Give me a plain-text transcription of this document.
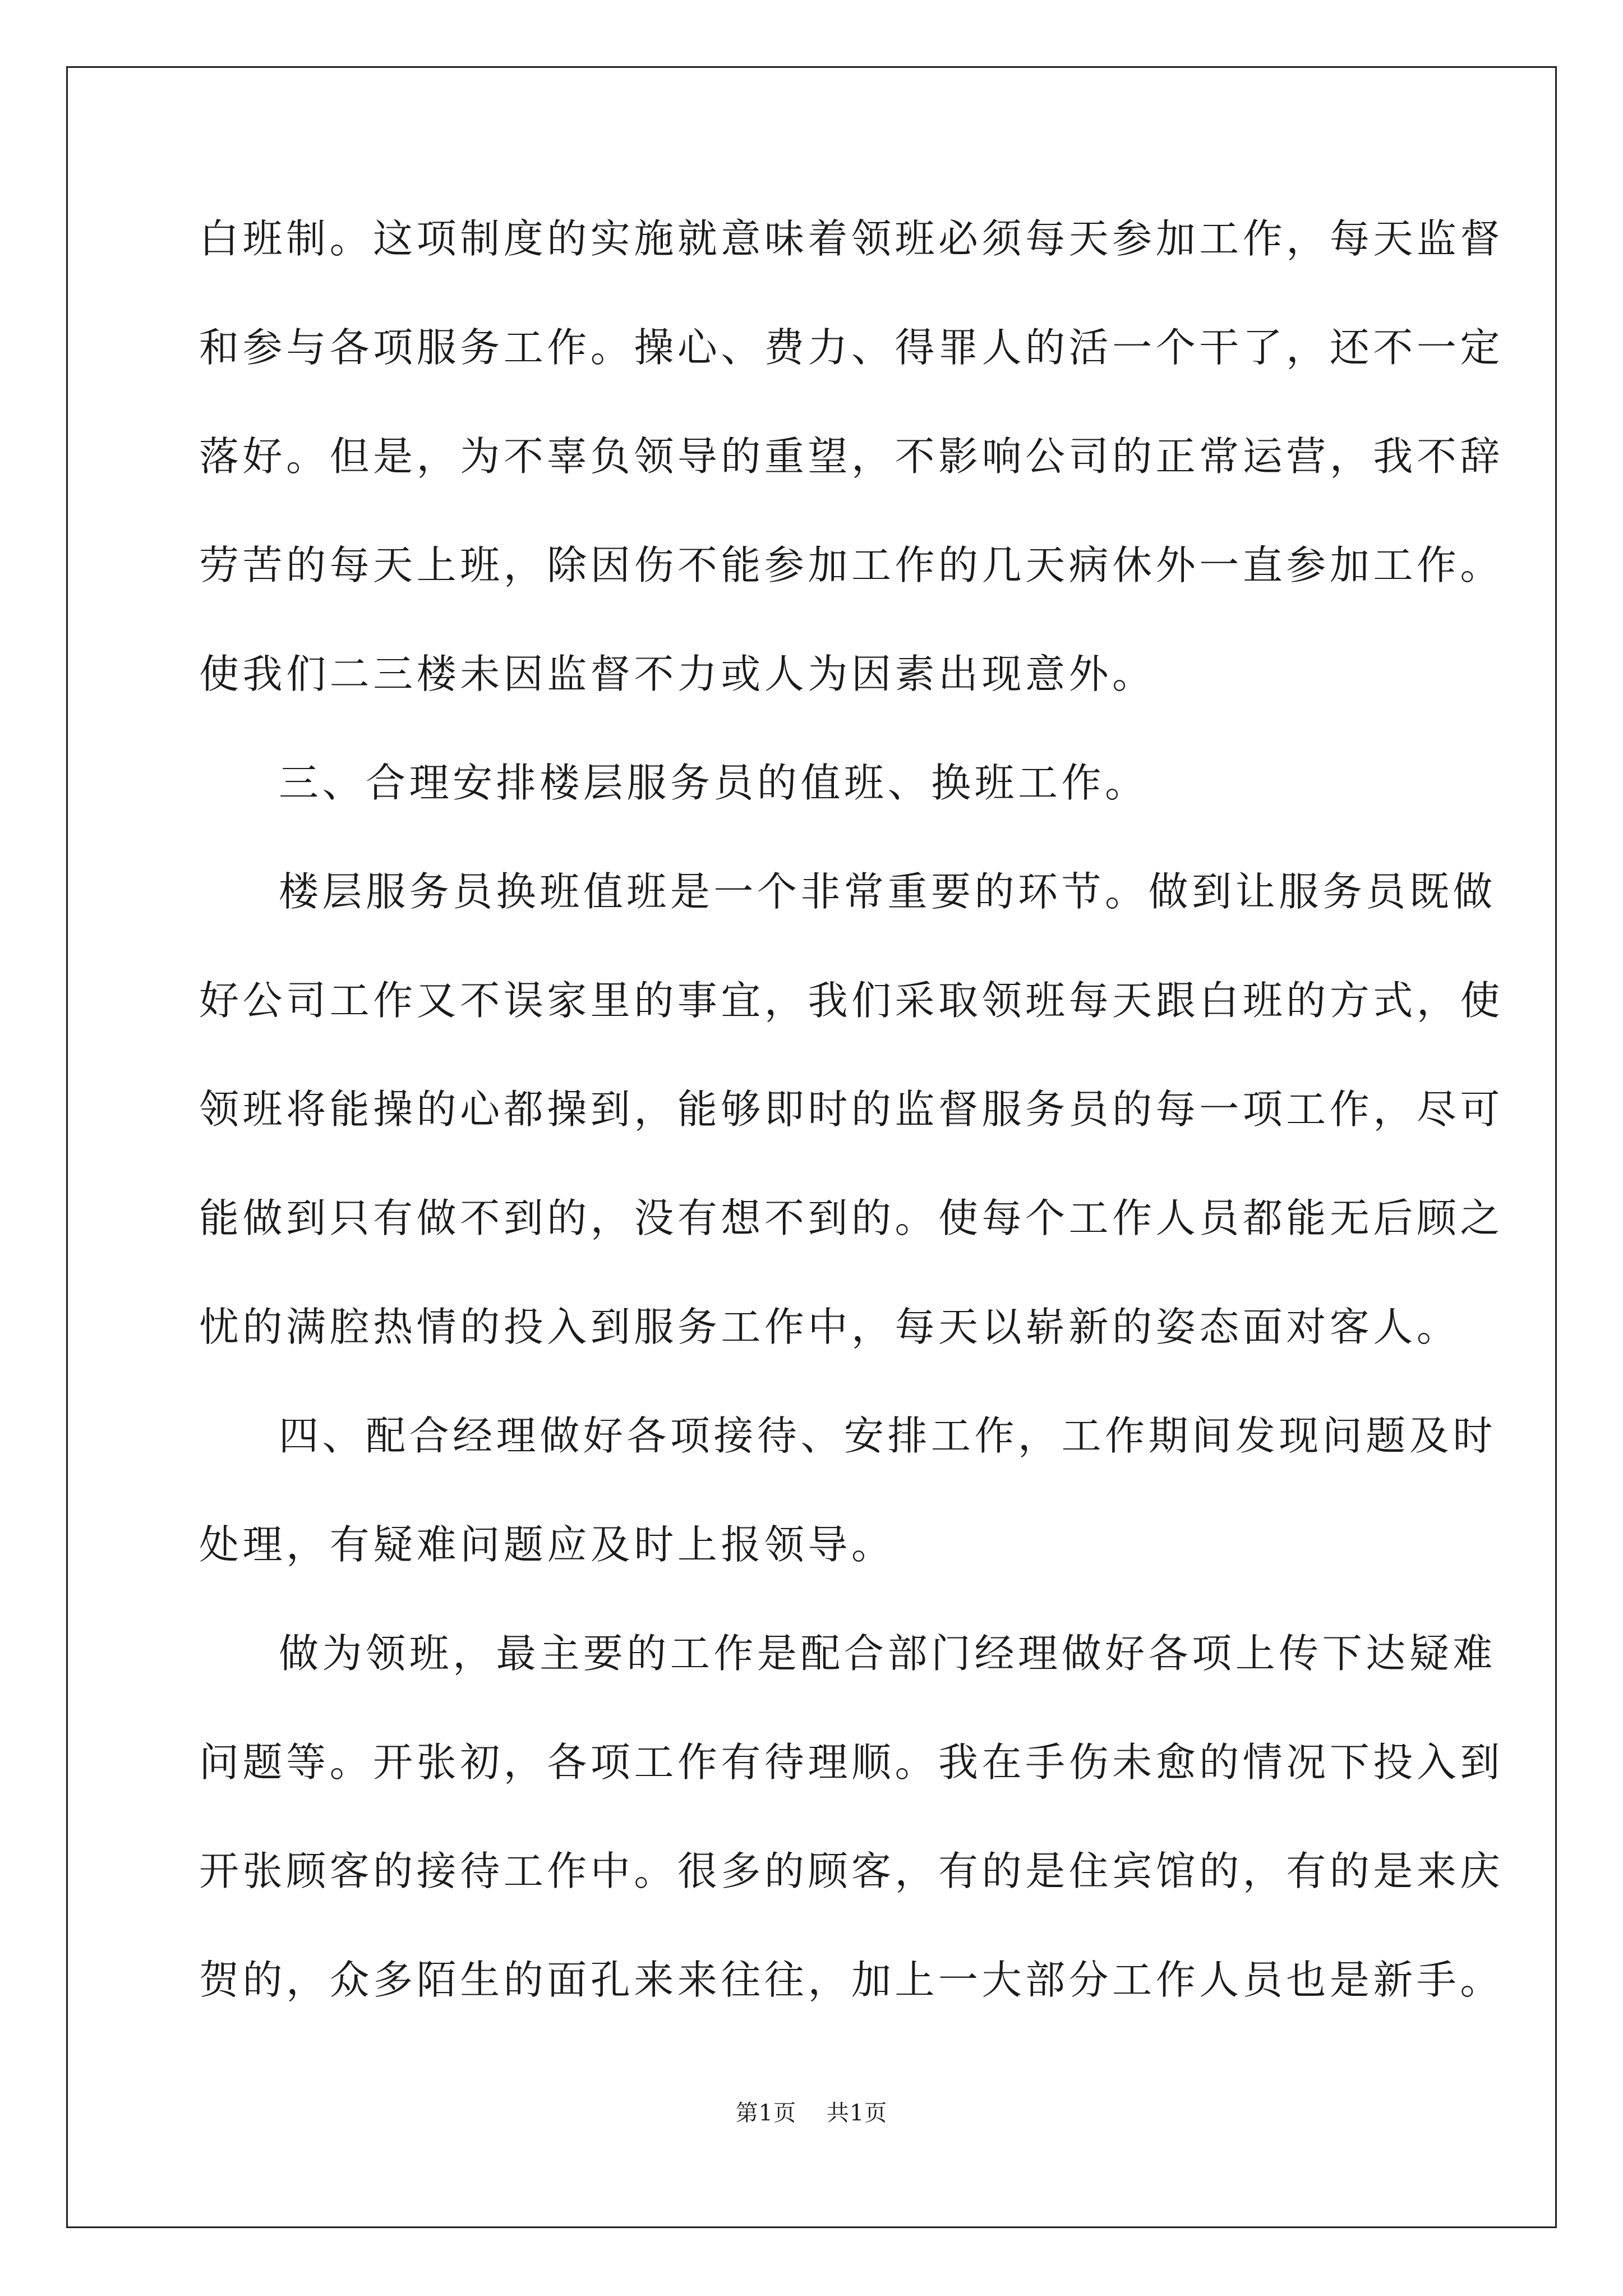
白班制。这项制度的实施就意味着领班必须每天参加工作，每天监督
和参与各项服务工作。操心、费力、得罪人的活一个干了，还不一定
落好。但是，为不辜负领导的重望，不影响公司的正常运营，我不辞
劳苦的每天上班，除因伤不能参加工作的几天病休外一直参加工作。
使我们二三楼未因监督不力或人为因素出现意外。
三、合理安排楼层服务员的值班、换班工作。
楼层服务员换班值班是一个非常重要的环节。做到让服务员既做
好公司工作又不误家里的事宜，我们采取领班每天跟白班的方式，使
领班将能操的心都操到，能够即时的监督服务员的每一项工作，尽可
能做到只有做不到的，没有想不到的。使每个工作人员都能无后顾之
忧的满腔热情的投入到服务工作中，每天以崭新的姿态面对客人。
四、配合经理做好各项接待、安排工作，工作期间发现问题及时
处理，有疑难问题应及时上报领导。
做为领班，最主要的工作是配合部门经理做好各项上传下达疑难
问题等。开张初，各项工作有待理顺。我在手伤未愈的情况下投入到
开张顾客的接待工作中。很多的顾客，有的是住宾馆的，有的是来庆
贺的，众多陌生的面孔来来往往，加上一大部分工作人员也是新手。
第1页 共1页
